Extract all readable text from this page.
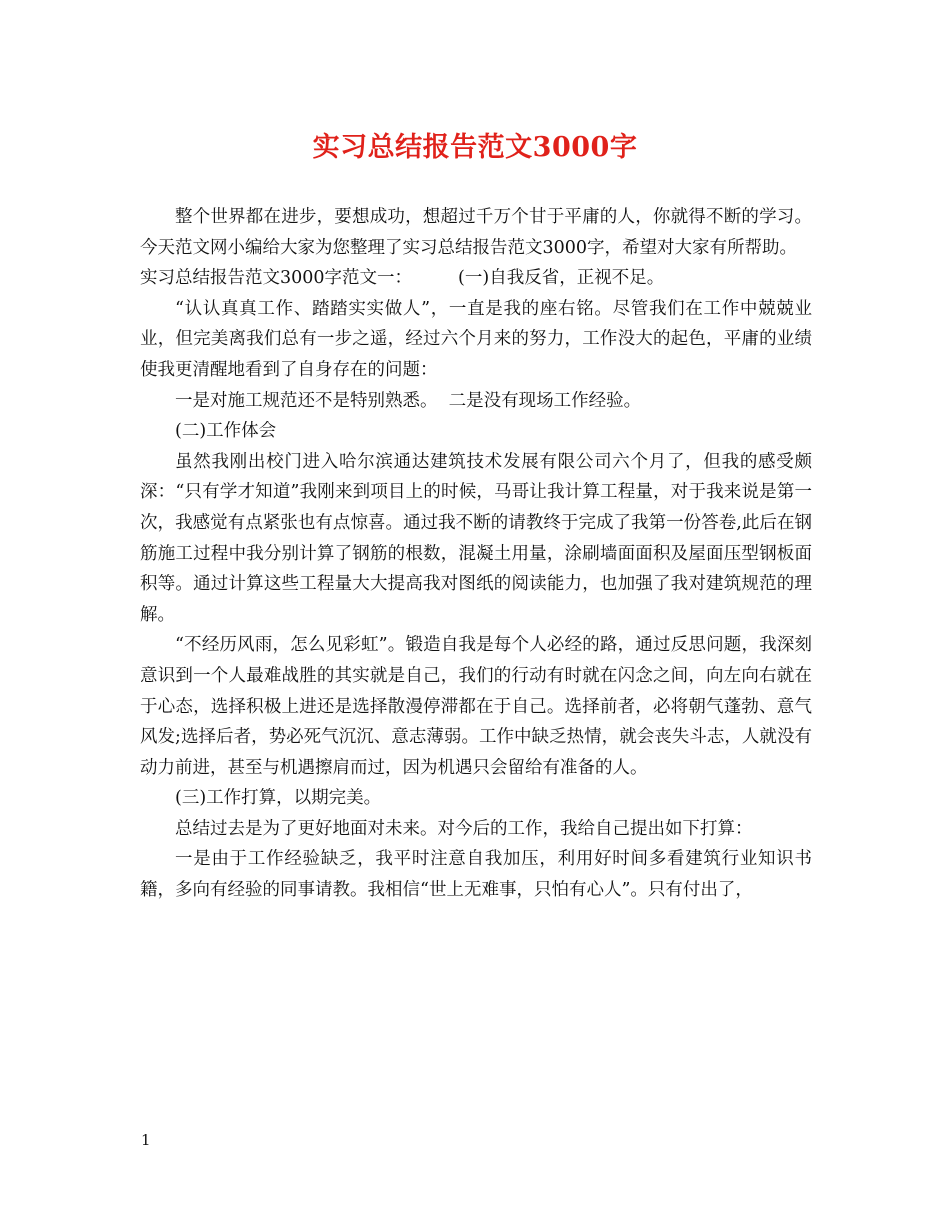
实习总结报告范文3000字

整个世界都在进步，要想成功，想超过千万个甘于平庸的人，你就得不断的学习。今天范文网小编给大家为您整理了实习总结报告范文3000字，希望对大家有所帮助。

实习总结报告范文3000字范文一：	(一)自我反省，正视不足。

“认认真真工作、踏踏实实做人”，一直是我的座右铭。尽管我们在工作中兢兢业业，但完美离我们总有一步之遥，经过六个月来的努力，工作没大的起色，平庸的业绩使我更清醒地看到了自身存在的问题：

一是对施工规范还不是特别熟悉。 二是没有现场工作经验。

(二)工作体会

虽然我刚出校门进入哈尔滨通达建筑技术发展有限公司六个月了，但我的感受颇深：“只有学才知道”我刚来到项目上的时候，马哥让我计算工程量，对于我来说是第一次，我感觉有点紧张也有点惊喜。通过我不断的请教终于完成了我第一份答卷,此后在钢筋施工过程中我分别计算了钢筋的根数，混凝土用量，涂刷墙面面积及屋面压型钢板面积等。通过计算这些工程量大大提高我对图纸的阅读能力，也加强了我对建筑规范的理解。

“不经历风雨，怎么见彩虹”。锻造自我是每个人必经的路，通过反思问题，我深刻意识到一个人最难战胜的其实就是自己，我们的行动有时就在闪念之间，向左向右就在于心态，选择积极上进还是选择散漫停滞都在于自己。选择前者，必将朝气蓬勃、意气风发;选择后者，势必死气沉沉、意志薄弱。工作中缺乏热情，就会丧失斗志，人就没有动力前进，甚至与机遇擦肩而过，因为机遇只会留给有准备的人。

(三)工作打算，以期完美。

总结过去是为了更好地面对未来。对今后的工作，我给自己提出如下打算：

一是由于工作经验缺乏，我平时注意自我加压，利用好时间多看建筑行业知识书籍，多向有经验的同事请教。我相信“世上无难事，只怕有心人”。只有付出了，

1
